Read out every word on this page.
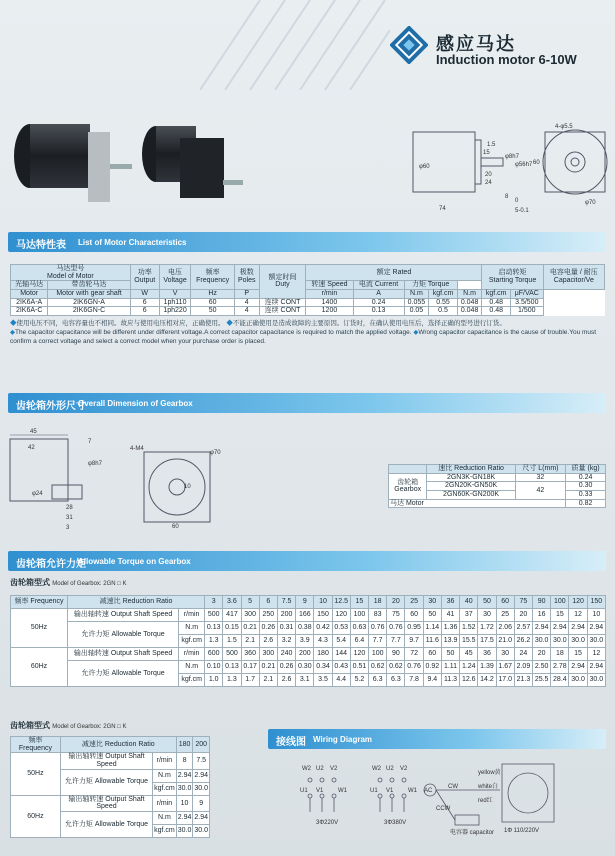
感应马达
Induction motor 6-10W
1.5
15
20
24
74
60
φ60
φ8h7
φ56h7
5-0.1
0
4-φ5.5
φ70
8
马达特性表 List of Motor Characteristics
马达型号
Model of Motor		功率
Output	电压
Voltage	频率
Frequency	极数
Poles	额定时间
Duty	额定 Rated					启动转矩
Starting Torque		电容电量 / 耐压
Capacitor/Ve
光轴马达	带齿轮马达						转速 Speed	电流 Current	力矩 Torque					
Motor	Motor with gear shaft	W	V	Hz	P		r/min	A	N.m	kgf.cm	N.m	kgf.cm	μF/VAC	
2IK6A-A	2IK6GN-A	6	1ph110	60	4	连续 CONT	1400	0.24	0.055	0.55	0.048	0.48	3.5/500	
2IK6A-C	2IK6GN-C	6	1ph220	50	4	连续 CONT	1200	0.13	0.05	0.5	0.048	0.48	1/500	
◆使用电压不同，电容容量也不相同。故应与使用电压相对应，正确使用。 ◆不能正确使用是造成故障的主要原因。订货时，在确认使用电压后，选择正确的型号进行订货。
◆The capacitor capacitance will be different under different voltage.A correct capacitor capacitance is required to match the applied voltage. ◆Wrong capacitor capacitance is the cause of trouble.You must confirm a correct voltage and select a correct model when your purchase order is placed.
齿轮箱外形尺寸
Overall Dimension of Gearbox
45
42
7
φ8h7
φ24
28
31
3
4-M4
φ70
10
60
	速比 Reduction Ratio	尺寸 L(mm)	质量 (kg)
齿轮箱
Gearbox	2GN3K-GN18K	32	0.24
	2GN20K-GN50K	42	0.30
	2GN60K-GN200K		0.33
马达 Motor			0.82
齿轮箱允许力矩
Allowable Torque on Gearbox
齿轮箱型式 Model of Gearbox: 2GN □ K
频率 Frequency	减速比 Reduction Ratio		3	3.6	5	6	7.5	9	10	12.5	15	18	20	25	30	36	40	50	60	75	90	100	120	150
50Hz	输出轴转速 Output Shaft Speed	r/min	500	417	300	250	200	166	150	120	100	83	75	60	50	41	37	30	25	20	16	15	12	10
	允许力矩 Allowable Torque	N.m	0.13	0.15	0.21	0.26	0.31	0.38	0.42	0.53	0.63	0.76	0.76	0.95	1.14	1.36	1.52	1.72	2.06	2.57	2.94	2.94	2.94	2.94
		kgf.cm	1.3	1.5	2.1	2.6	3.2	3.9	4.3	5.4	6.4	7.7	7.7	9.7	11.6	13.9	15.5	17.5	21.0	26.2	30.0	30.0	30.0	30.0
60Hz	输出轴转速 Output Shaft Speed	r/min	600	500	360	300	240	200	180	144	120	100	90	72	60	50	45	36	30	24	20	18	15	12
	允许力矩 Allowable Torque	N.m	0.10	0.13	0.17	0.21	0.26	0.30	0.34	0.43	0.51	0.62	0.62	0.76	0.92	1.11	1.24	1.39	1.67	2.09	2.50	2.78	2.94	2.94
		kgf.cm	1.0	1.3	1.7	2.1	2.6	3.1	3.5	4.4	5.2	6.3	6.3	7.8	9.4	11.3	12.6	14.2	17.0	21.3	25.5	28.4	30.0	30.0
齿轮箱型式 Model of Gearbox: 2GN □ K
频率 Frequency	减速比 Reduction Ratio		180	200
50Hz	输出轴转速 Output Shaft Speed	r/min	8	7.5
	允许力矩 Allowable Torque	N.m	2.94	2.94
		kgf.cm	30.0	30.0
60Hz	输出轴转速 Output Shaft Speed	r/min	10	9
	允许力矩 Allowable Torque	N.m	2.94	2.94
		kgf.cm	30.0	30.0
接线图 Wiring Diagram
W2 U2 V2
U1 V1 W1
3Φ220V
W2 U2 V2
U1 V1 W1
3Φ380V
AC
CW
CCW
电容器 capacitor
yellow黄
white白
red红
1Φ 110/220V
